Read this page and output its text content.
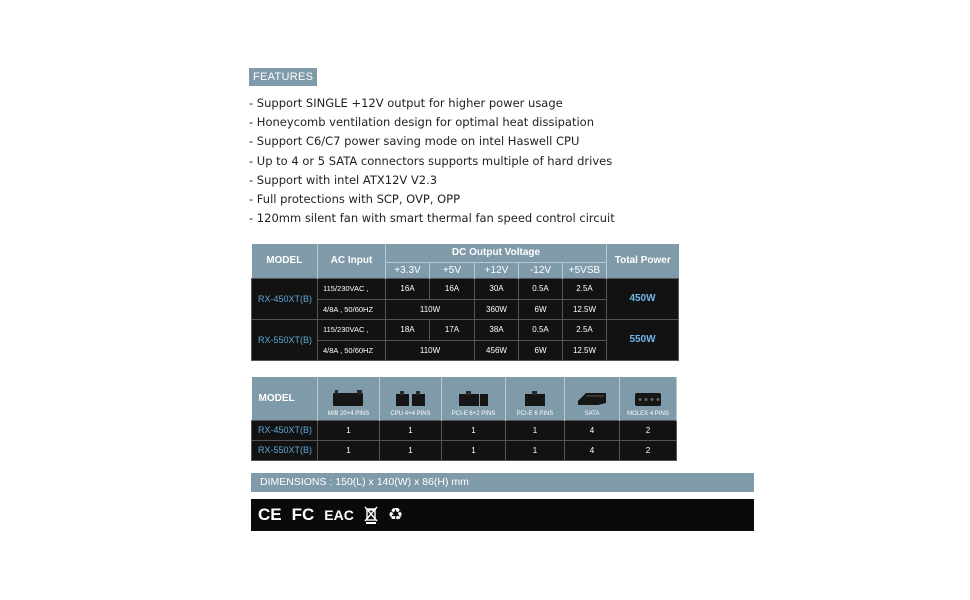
FEATURES
- Support SINGLE +12V output for higher power usage
- Honeycomb ventilation design for optimal heat dissipation
- Support C6/C7 power saving mode on intel Haswell CPU
- Up to 4 or 5 SATA connectors supports multiple of hard drives
- Support with intel ATX12V V2.3
- Full protections with SCP, OVP, OPP
- 120mm silent fan with smart thermal fan speed control circuit
MODEL	AC Input	DC Output Voltage					Total Power
		+3.3V	+5V	+12V	-12V	+5VSB	
RX-450XT(B)	115/230VAC ,	16A	16A	30A	0.5A	2.5A	450W
	4/8A , 50/60HZ	110W		360W	6W	12.5W	
RX-550XT(B)	115/230VAC ,	18A	17A	38A	0.5A	2.5A	550W
	4/8A , 50/60HZ	110W		456W	6W	12.5W	
MODEL	M/B 20+4 PINS	CPU 4+4 PINS	PCI-E 6+2 PINS	PCI-E 6 PINS	SATA	MOLEX 4 PINS

RX-450XT(B)	1	1	1	1	4	2
RX-550XT(B)	1	1	1	1	4	2
DIMENSIONS : 150(L) x 140(W) x 86(H) mm
CE FC EAC ♻
